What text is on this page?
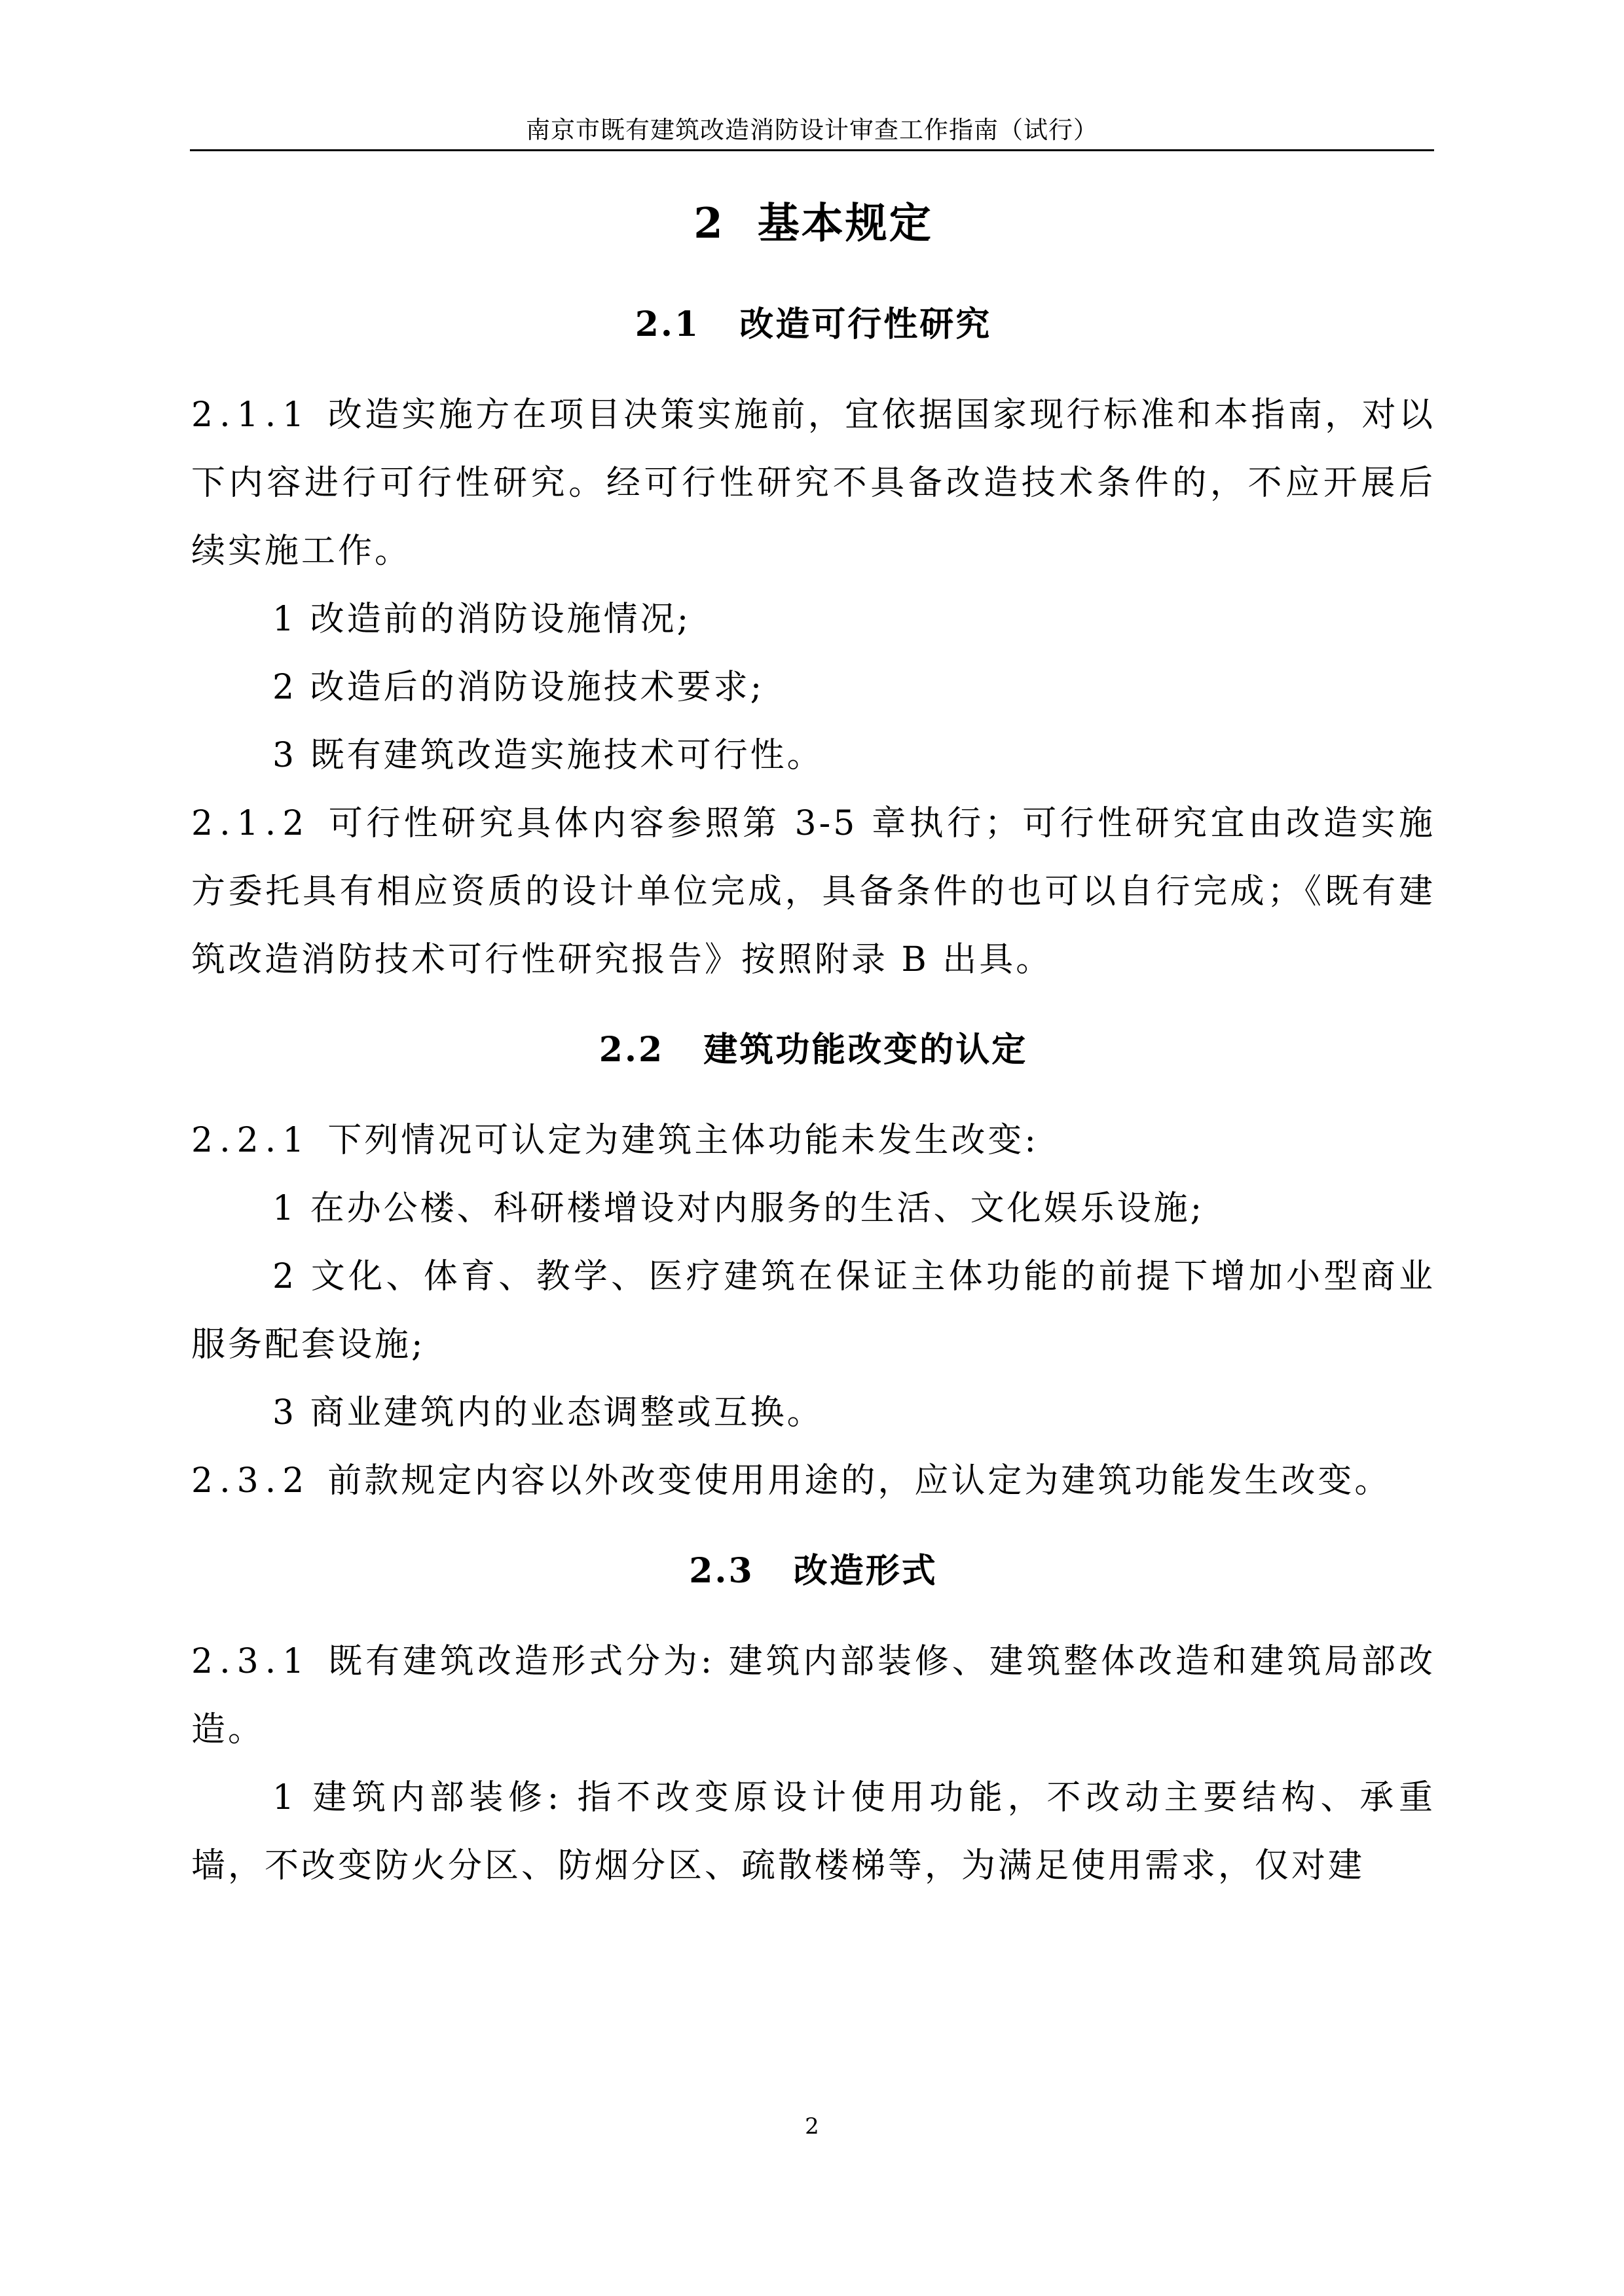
南京市既有建筑改造消防设计审查工作指南（试行）
2 基本规定
2.1 改造可行性研究

2.1.1 改造实施方在项目决策实施前，宜依据国家现行标准和本指南，对以下内容进行可行性研究。经可行性研究不具备改造技术条件的，不应开展后续实施工作。

1 改造前的消防设施情况;

2 改造后的消防设施技术要求;

3 既有建筑改造实施技术可行性。

2.1.2 可行性研究具体内容参照第 3-5 章执行；可行性研究宜由改造实施方委托具有相应资质的设计单位完成，具备条件的也可以自行完成；《既有建筑改造消防技术可行性研究报告》按照附录 B 出具。

2.2 建筑功能改变的认定

2.2.1 下列情况可认定为建筑主体功能未发生改变:

1 在办公楼、科研楼增设对内服务的生活、文化娱乐设施;

2 文化、体育、教学、医疗建筑在保证主体功能的前提下增加小型商业服务配套设施;

3 商业建筑内的业态调整或互换。

2.3.2 前款规定内容以外改变使用用途的，应认定为建筑功能发生改变。

2.3 改造形式

2.3.1 既有建筑改造形式分为: 建筑内部装修、建筑整体改造和建筑局部改造。

1 建筑内部装修: 指不改变原设计使用功能，不改动主要结构、承重墙，不改变防火分区、防烟分区、疏散楼梯等，为满足使用需求，仅对建

2
